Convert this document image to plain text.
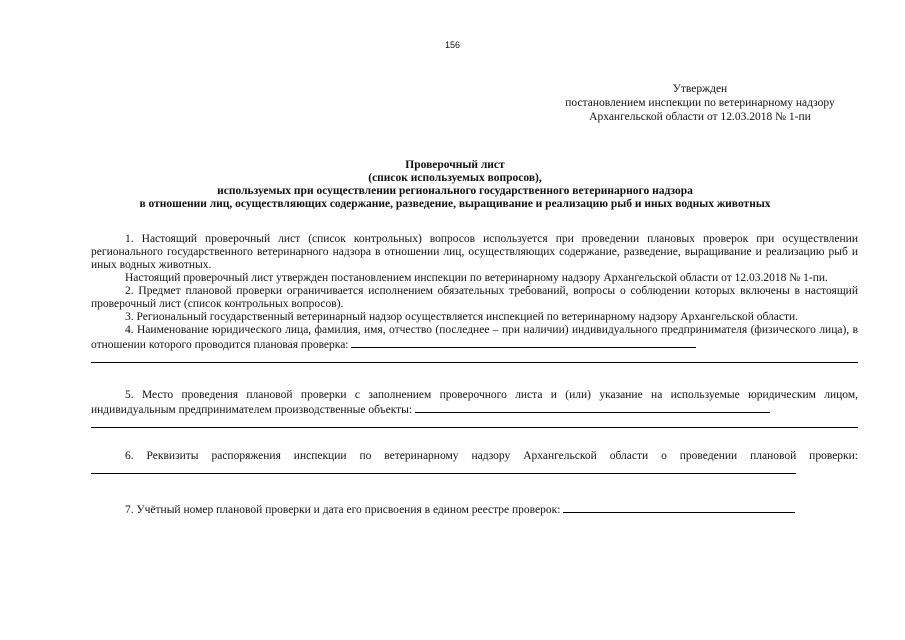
156
Утвержден
постановлением инспекции по ветеринарному надзору
Архангельской области от 12.03.2018 № 1-пи
Проверочный лист
(список используемых вопросов),
используемых при осуществлении регионального государственного ветеринарного надзора
в отношении лиц, осуществляющих содержание, разведение, выращивание и реализацию рыб и иных водных животных
1. Настоящий проверочный лист (список контрольных) вопросов используется при проведении плановых проверок при осуществлении регионального государственного ветеринарного надзора в отношении лиц, осуществляющих содержание, разведение, выращивание и реализацию рыб и иных водных животных.
Настоящий проверочный лист утвержден постановлением инспекции по ветеринарному надзору Архангельской области от 12.03.2018 № 1-пи.
2. Предмет плановой проверки ограничивается исполнением обязательных требований, вопросы о соблюдении которых включены в настоящий проверочный лист (список контрольных вопросов).
3. Региональный государственный ветеринарный надзор осуществляется инспекцией по ветеринарному надзору Архангельской области.
4. Наименование юридического лица, фамилия, имя, отчество (последнее – при наличии) индивидуального предпринимателя (физического лица), в отношении которого проводится плановая проверка:
5. Место проведения плановой проверки с заполнением проверочного листа и (или) указание на используемые юридическим лицом, индивидуальным предпринимателем производственные объекты:
6. Реквизиты распоряжения инспекции по ветеринарному надзору Архангельской области о проведении плановой проверки:
7. Учётный номер плановой проверки и дата его присвоения в едином реестре проверок:
